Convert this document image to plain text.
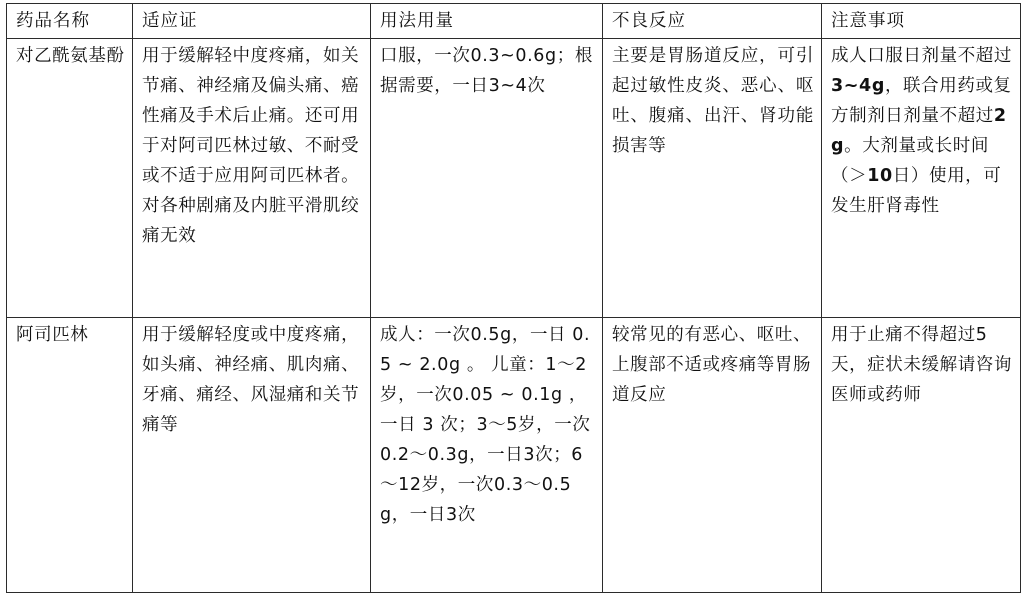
药品名称	适应证	用法用量	不良反应	注意事项
对乙酰氨基酚	用于缓解轻中度疼痛，如关节痛、神经痛及偏头痛、癌性痛及手术后止痛。还可用于对阿司匹林过敏、不耐受或不适于应用阿司匹林者。对各种剧痛及内脏平滑肌绞痛无效	口服，一次0.3~0.6g；根据需要，一日3~4次	主要是胃肠道反应，可引起过敏性皮炎、恶心、呕吐、腹痛、出汗、肾功能损害等	成人口服日剂量不超过3~4g，联合用药或复方制剂日剂量不超过2g。大剂量或长时间（＞10日）使用，可发生肝肾毒性
阿司匹林	用于缓解轻度或中度疼痛，如头痛、神经痛、肌肉痛、牙痛、痛经、风湿痛和关节痛等	成人：一次0.5g，一日 0.5 ~ 2.0g 。 儿童：1～2岁，一次0.05 ~ 0.1g ， 一日 3 次；3～5岁，一次0.2～0.3g，一日3次；6～12岁，一次0.3～0.5g，一日3次	较常见的有恶心、呕吐、上腹部不适或疼痛等胃肠道反应	用于止痛不得超过5天，症状未缓解请咨询医师或药师
